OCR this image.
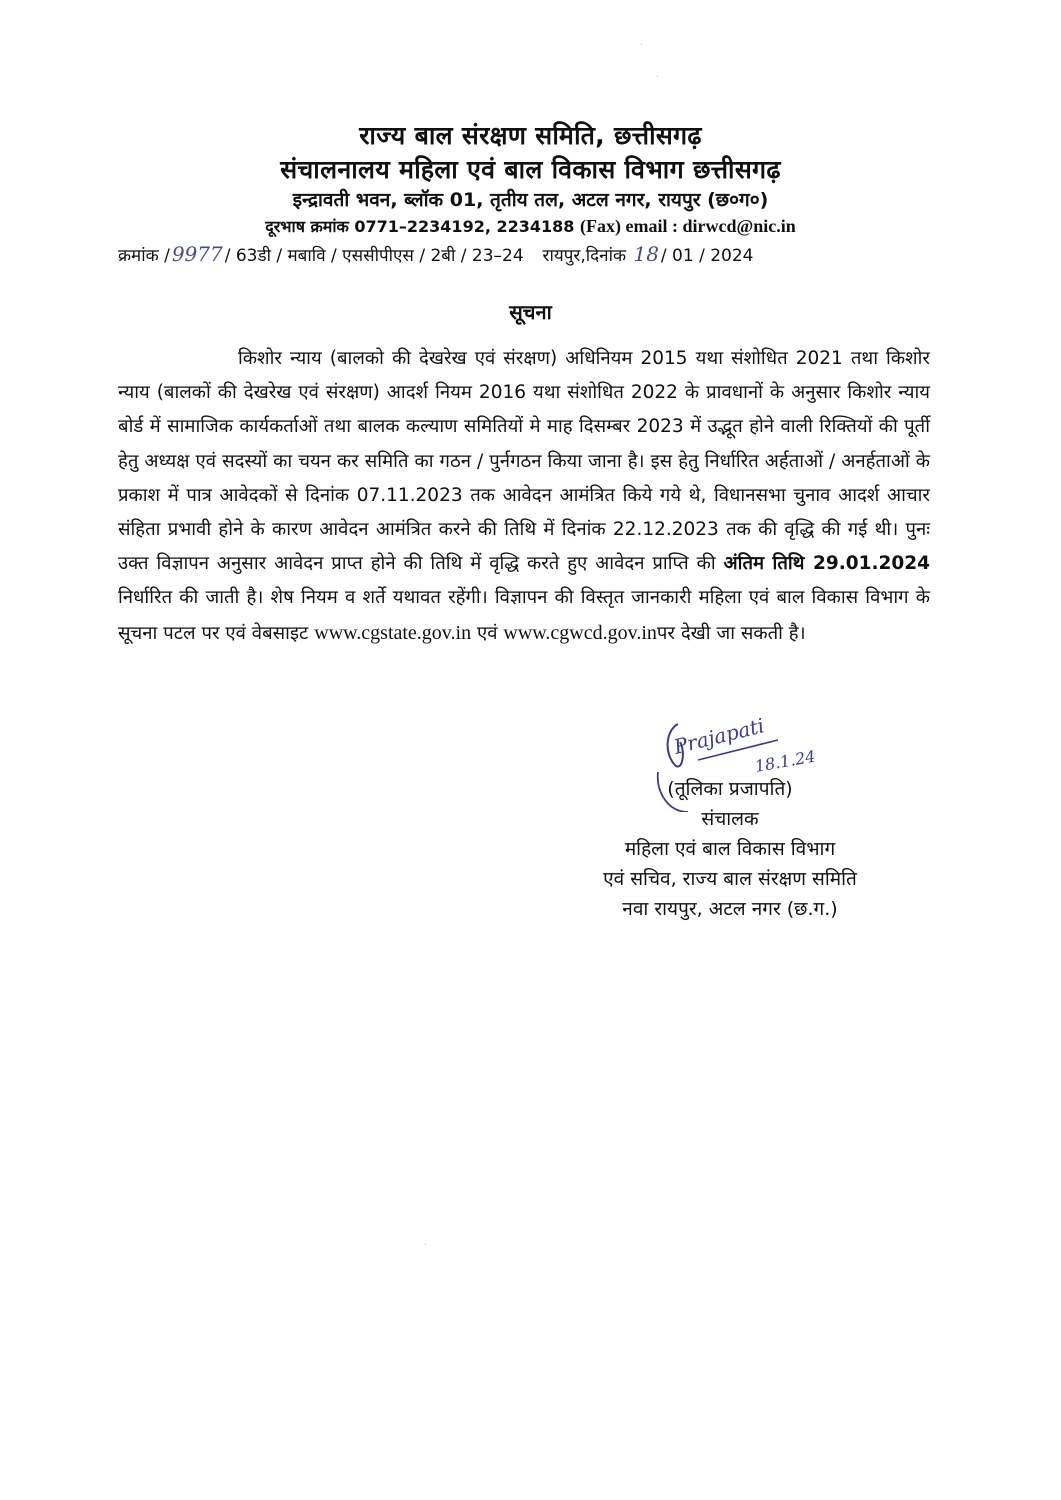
राज्य बाल संरक्षण समिति, छत्तीसगढ़
संचालनालय महिला एवं बाल विकास विभाग छत्तीसगढ़
इन्द्रावती भवन, ब्लॉक 01, तृतीय तल, अटल नगर, रायपुर (छ०ग०)
दूरभाष क्रमांक 0771–2234192, 2234188 (Fax) email : dirwcd@nic.in
क्रमांक / 9977 / 63डी / मबावि / एससीपीएस / 2बी / 23–24 रायपुर,दिनांक 18 / 01 / 2024
सूचना

किशोर न्याय (बालको की देखरेख एवं संरक्षण) अधिनियम 2015 यथा संशोधित 2021 तथा किशोर न्याय (बालकों की देखरेख एवं संरक्षण) आदर्श नियम 2016 यथा संशोधित 2022 के प्रावधानों के अनुसार किशोर न्याय बोर्ड में सामाजिक कार्यकर्ताओं तथा बालक कल्याण समितियों मे माह दिसम्बर 2023 में उद्भूत होने वाली रिक्तियों की पूर्ती हेतु अध्यक्ष एवं सदस्यों का चयन कर समिति का गठन / पुर्नगठन किया जाना है। इस हेतु निर्धारित अर्हताओं / अनर्हताओं के प्रकाश में पात्र आवेदकों से दिनांक 07.11.2023 तक आवेदन आमंत्रित किये गये थे, विधानसभा चुनाव आदर्श आचार संहिता प्रभावी होने के कारण आवेदन आमंत्रित करने की तिथि में दिनांक 22.12.2023 तक की वृद्धि की गई थी। पुनः उक्त विज्ञापन अनुसार आवेदन प्राप्त होने की तिथि में वृद्धि करते हुए आवेदन प्राप्ति की अंतिम तिथि 29.01.2024 निर्धारित की जाती है। शेष नियम व शर्ते यथावत रहेंगी। विज्ञापन की विस्तृत जानकारी महिला एवं बाल विकास विभाग के सूचना पटल पर एवं वेबसाइट www.cgstate.gov.in एवं www.cgwcd.gov.inपर देखी जा सकती है।

Prajapati
18.1.24
(तूलिका प्रजापति)
संचालक
महिला एवं बाल विकास विभाग
एवं सचिव, राज्य बाल संरक्षण समिति
नवा रायपुर, अटल नगर (छ.ग.)
·
·
·
